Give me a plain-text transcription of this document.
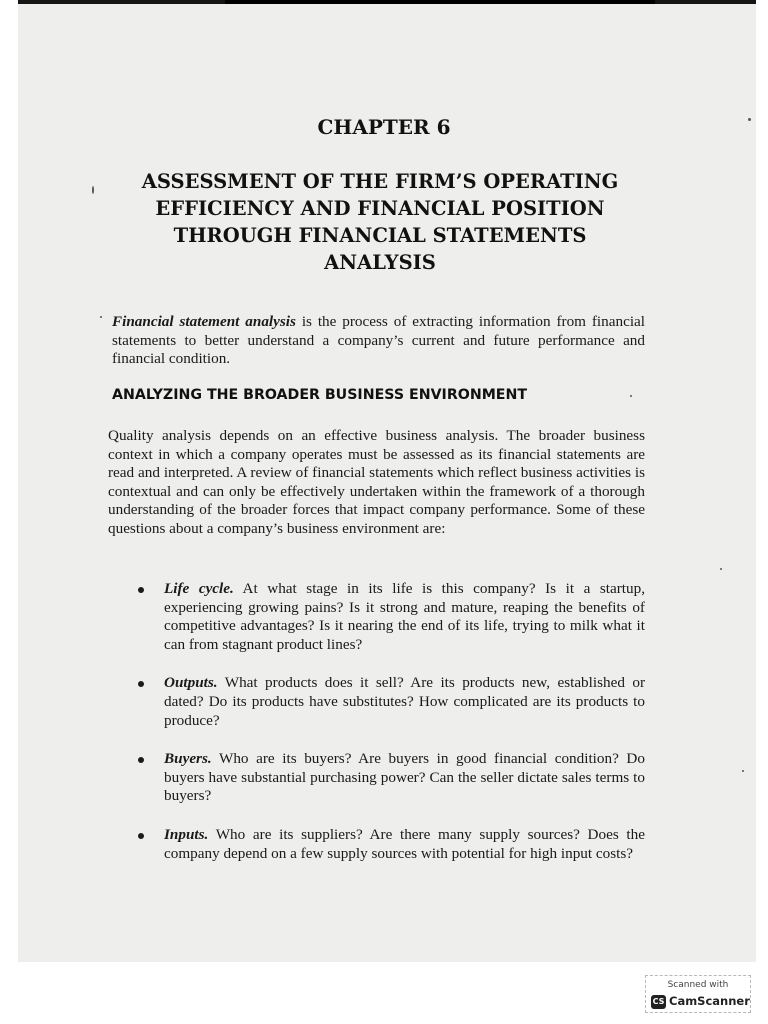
CHAPTER 6
ASSESSMENT OF THE FIRM’S OPERATING
EFFICIENCY AND FINANCIAL POSITION
THROUGH FINANCIAL STATEMENTS
ANALYSIS

Financial statement analysis is the process of extracting information from financial statements to better understand a company’s current and future performance and financial condition.

ANALYZING THE BROADER BUSINESS ENVIRONMENT

Quality analysis depends on an effective business analysis. The broader business context in which a company operates must be assessed as its financial statements are read and interpreted. A review of financial statements which reflect business activities is contextual and can only be effectively undertaken within the framework of a thorough understanding of the broader forces that impact company performance. Some of these questions about a company’s business environment are:

Life cycle. At what stage in its life is this company? Is it a startup, experiencing growing pains? Is it strong and mature, reaping the benefits of competitive advantages? Is it nearing the end of its life, trying to milk what it can from stagnant product lines?
Outputs. What products does it sell? Are its products new, established or dated? Do its products have substitutes? How complicated are its products to produce?
Buyers. Who are its buyers? Are buyers in good financial condition? Do buyers have substantial purchasing power? Can the seller dictate sales terms to buyers?
Inputs. Who are its suppliers? Are there many supply sources? Does the company depend on a few supply sources with potential for high input costs?
Scanned with
CS CamScanner
